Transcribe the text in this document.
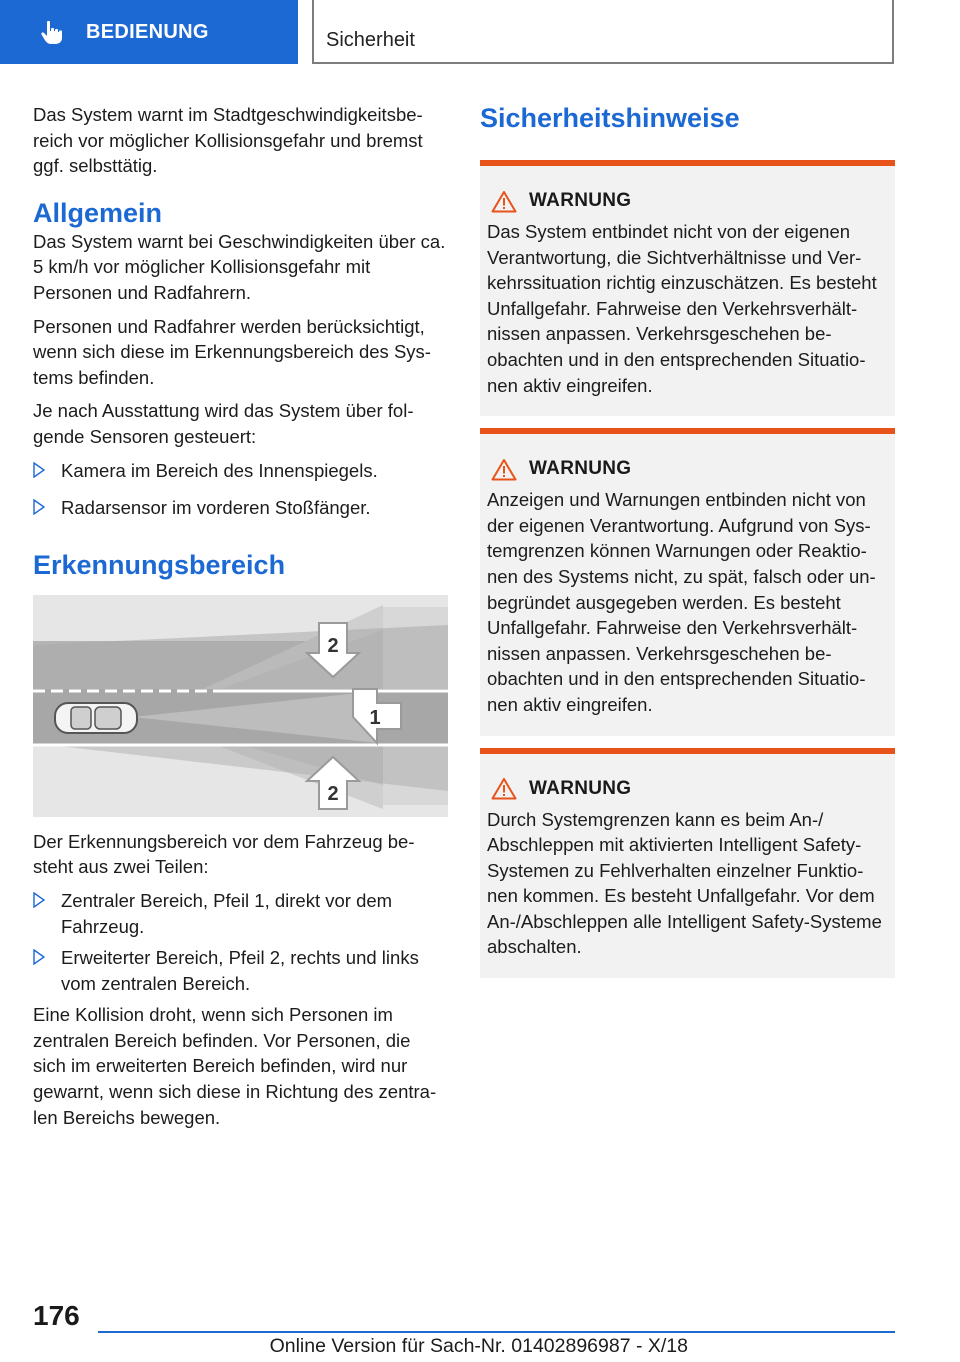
BEDIENUNG	Sicherheit

Das System warnt im Stadtgeschwindigkeitsbereich vor möglicher Kollisionsgefahr und bremst ggf. selbsttätig.

Allgemein

Das System warnt bei Geschwindigkeiten über ca. 5 km/h vor möglicher Kollisionsgefahr mit Personen und Radfahrern.

Personen und Radfahrer werden berücksichtigt, wenn sich diese im Erkennungsbereich des Systems befinden.

Je nach Ausstattung wird das System über folgende Sensoren gesteuert:

Kamera im Bereich des Innenspiegels.
Radarsensor im vorderen Stoßfänger.
Erkennungsbereich
2
1
2

Der Erkennungsbereich vor dem Fahrzeug besteht aus zwei Teilen:

Zentraler Bereich, Pfeil 1, direkt vor dem Fahrzeug.
Erweiterter Bereich, Pfeil 2, rechts und links vom zentralen Bereich.

Eine Kollision droht, wenn sich Personen im zentralen Bereich befinden. Vor Personen, die sich im erweiterten Bereich befinden, wird nur gewarnt, wenn sich diese in Richtung des zentralen Bereichs bewegen.

Sicherheitshinweise
WARNUNG

Das System entbindet nicht von der eigenen Verantwortung, die Sichtverhältnisse und Verkehrssituation richtig einzuschätzen. Es besteht Unfallgefahr. Fahrweise den Verkehrsverhältnissen anpassen. Verkehrsgeschehen beobachten und in den entsprechenden Situationen aktiv eingreifen.

WARNUNG

Anzeigen und Warnungen entbinden nicht von der eigenen Verantwortung. Aufgrund von Systemgrenzen können Warnungen oder Reaktionen des Systems nicht, zu spät, falsch oder unbegründet ausgegeben werden. Es besteht Unfallgefahr. Fahrweise den Verkehrsverhältnissen anpassen. Verkehrsgeschehen beobachten und in den entsprechenden Situationen aktiv eingreifen.

WARNUNG

Durch Systemgrenzen kann es beim An-/ Abschleppen mit aktivierten Intelligent Safety-Systemen zu Fehlverhalten einzelner Funktionen kommen. Es besteht Unfallgefahr. Vor dem An-/Abschleppen alle Intelligent Safety-Systeme abschalten.

176
Online Version für Sach-Nr. 01402896987 - X/18
